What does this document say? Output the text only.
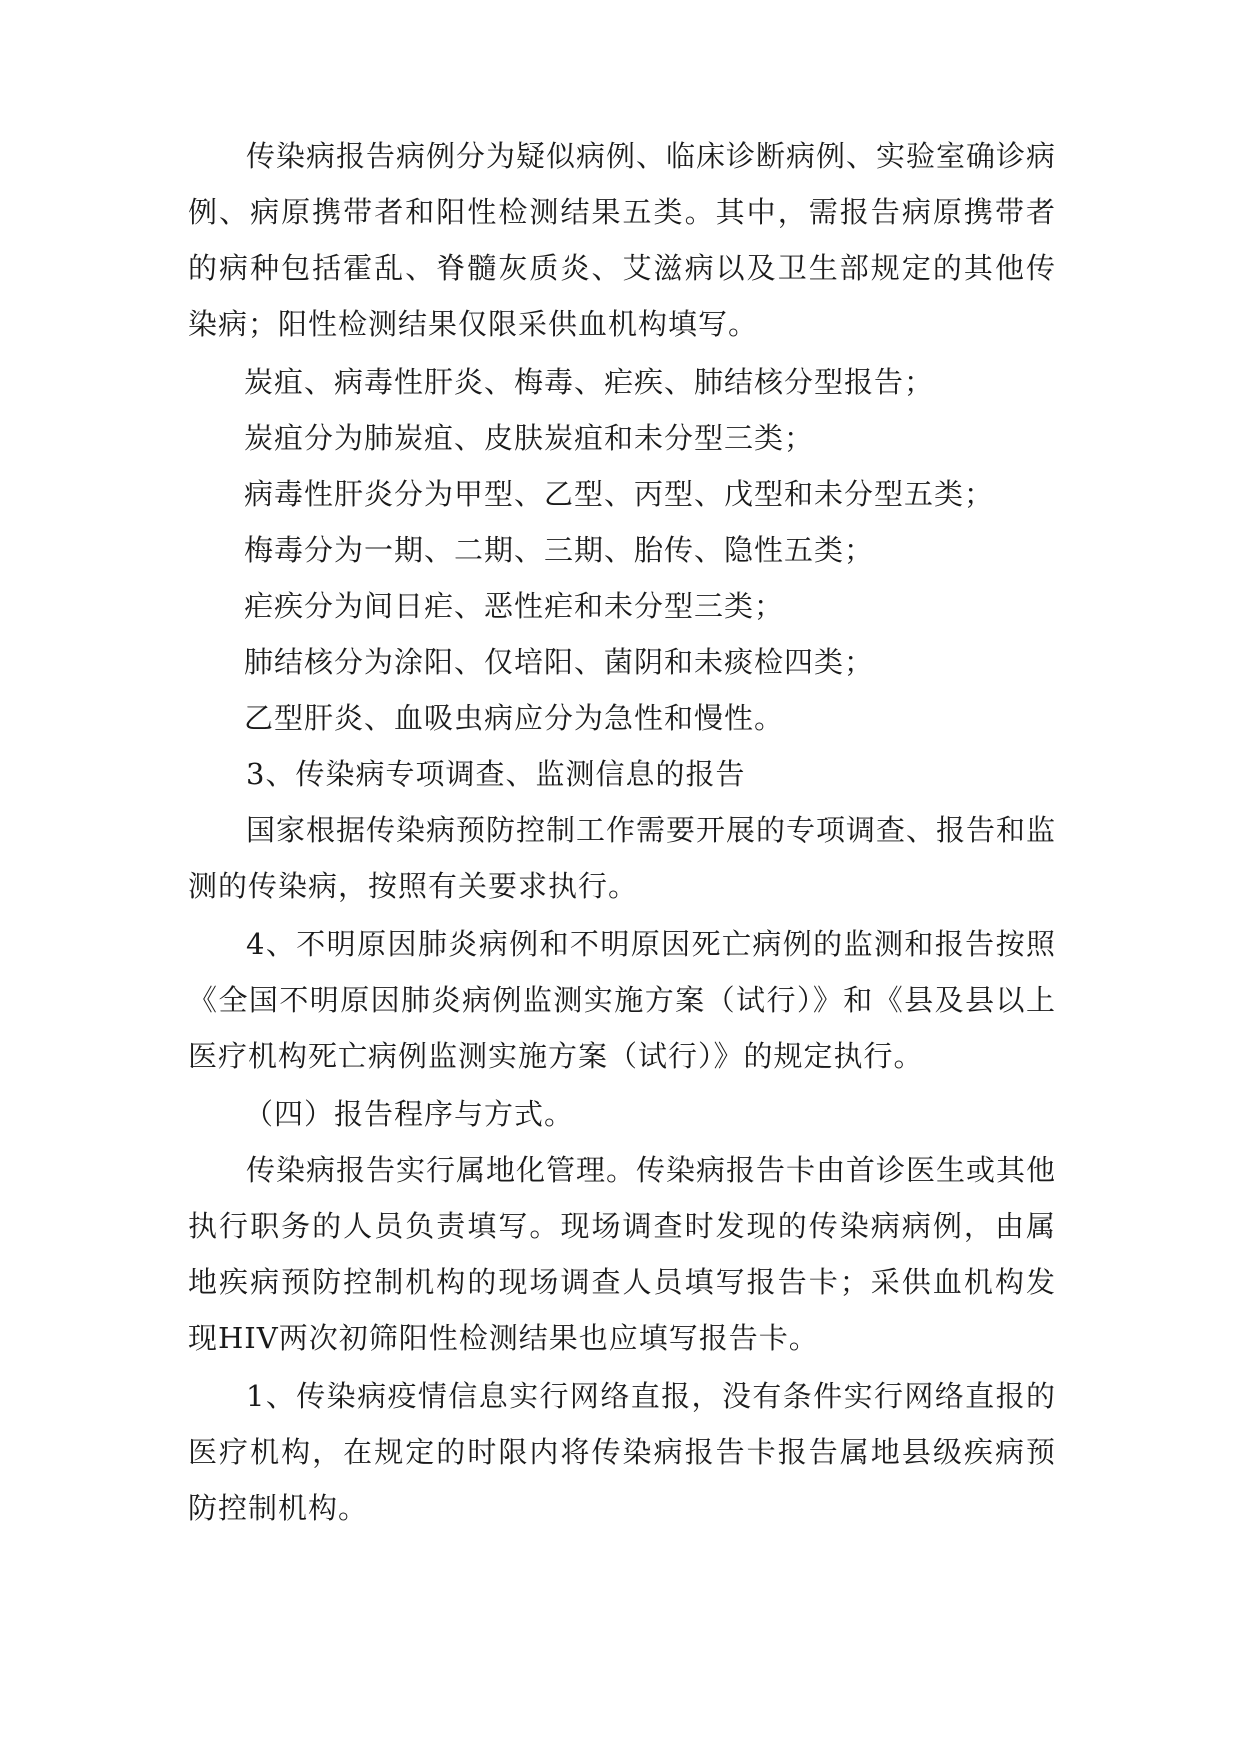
传染病报告病例分为疑似病例、临床诊断病例、实验室确诊病例、病原携带者和阳性检测结果五类。其中，需报告病原携带者的病种包括霍乱、脊髓灰质炎、艾滋病以及卫生部规定的其他传染病；阳性检测结果仅限采供血机构填写。

炭疽、病毒性肝炎、梅毒、疟疾、肺结核分型报告；

炭疽分为肺炭疽、皮肤炭疽和未分型三类；

病毒性肝炎分为甲型、乙型、丙型、戊型和未分型五类；

梅毒分为一期、二期、三期、胎传、隐性五类；

疟疾分为间日疟、恶性疟和未分型三类；

肺结核分为涂阳、仅培阳、菌阴和未痰检四类；

乙型肝炎、血吸虫病应分为急性和慢性。

3、传染病专项调查、监测信息的报告

国家根据传染病预防控制工作需要开展的专项调查、报告和监测的传染病，按照有关要求执行。

4、不明原因肺炎病例和不明原因死亡病例的监测和报告按照《全国不明原因肺炎病例监测实施方案（试行）》和《县及县以上医疗机构死亡病例监测实施方案（试行）》的规定执行。

（四）报告程序与方式。

传染病报告实行属地化管理。传染病报告卡由首诊医生或其他执行职务的人员负责填写。现场调查时发现的传染病病例，由属地疾病预防控制机构的现场调查人员填写报告卡；采供血机构发现HIV两次初筛阳性检测结果也应填写报告卡。

1、传染病疫情信息实行网络直报，没有条件实行网络直报的医疗机构，在规定的时限内将传染病报告卡报告属地县级疾病预防控制机构。
